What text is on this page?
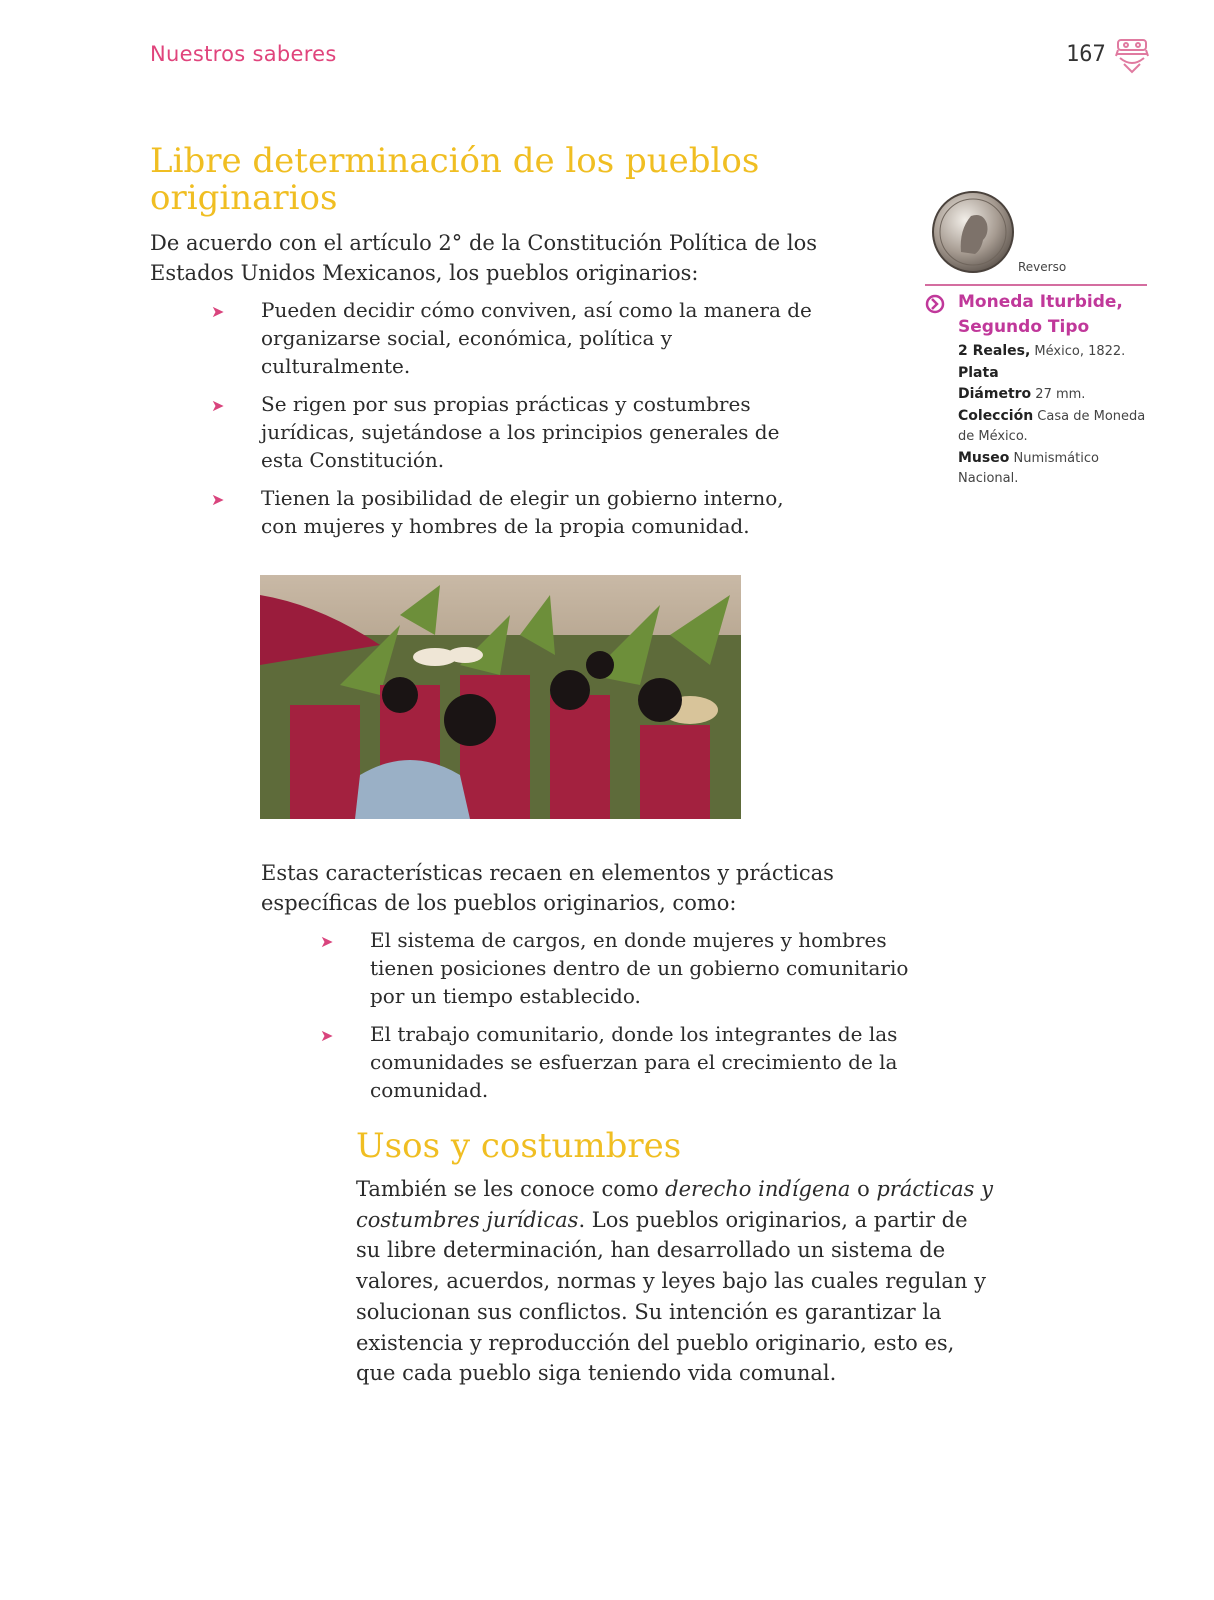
Nuestros saberes	167
Libre determinación de los pueblos originarios

De acuerdo con el artículo 2° de la Constitución Política de los Estados Unidos Mexicanos, los pueblos originarios:

➤ Pueden decidir cómo conviven, así como la manera de organizarse social, económica, política y culturalmente.
➤ Se rigen por sus propias prácticas y costumbres jurídicas, sujetándose a los principios generales de esta Constitución.
➤ Tienen la posibilidad de elegir un gobierno interno, con mujeres y hombres de la propia comunidad.

Estas características recaen en elementos y prácticas específicas de los pueblos originarios, como:

➤ El sistema de cargos, en donde mujeres y hombres tienen posiciones dentro de un gobierno comunitario por un tiempo establecido.
➤ El trabajo comunitario, donde los integrantes de las comunidades se esfuerzan para el crecimiento de la comunidad.
Usos y costumbres

También se les conoce como derecho indígena o prácticas y costumbres jurídicas. Los pueblos originarios, a partir de su libre determinación, han desarrollado un sistema de valores, acuerdos, normas y leyes bajo las cuales regulan y solucionan sus conflictos. Su intención es garantizar la existencia y reproducción del pueblo originario, esto es, que cada pueblo siga teniendo vida comunal.

Reverso
Moneda Iturbide, Segundo Tipo

2 Reales, México, 1822.

Plata

Diámetro 27 mm.

Colección Casa de Moneda de México.

Museo Numismático Nacional.
